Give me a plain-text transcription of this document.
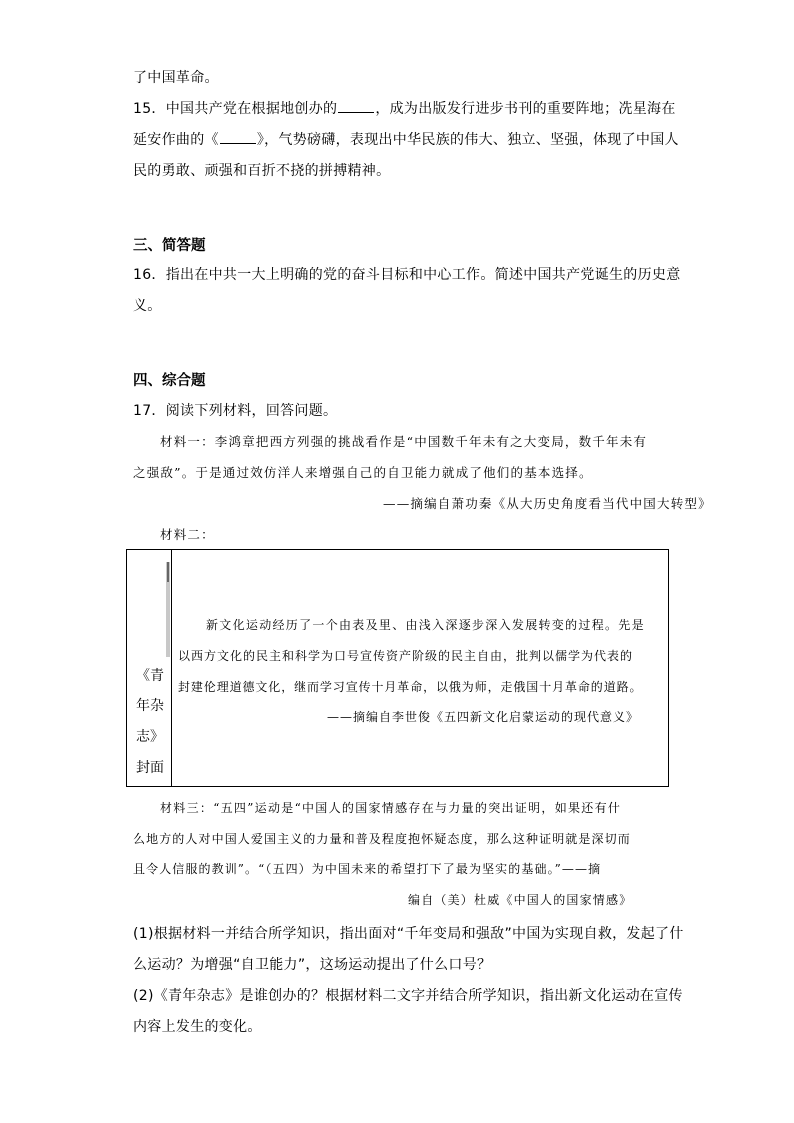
了中国革命。
15．中国共产党在根据地创办的	，成为出版发行进步书刊的重要阵地；冼星海在
延安作曲的《	》，气势磅礴，表现出中华民族的伟大、独立、坚强，体现了中国人
民的勇敢、顽强和百折不挠的拼搏精神。
三、简答题
16．指出在中共一大上明确的党的奋斗目标和中心工作。简述中国共产党诞生的历史意
义。
四、综合题
17．阅读下列材料，回答问题。
材料一：李鸿章把西方列强的挑战看作是“中国数千年未有之大变局，数千年未有
之强敌”。于是通过效仿洋人来增强自己的自卫能力就成了他们的基本选择。
——摘编自萧功秦《从大历史角度看当代中国大转型》
材料二：
《青
年杂
志》
封面
新文化运动经历了一个由表及里、由浅入深逐步深入发展转变的过程。先是
以西方文化的民主和科学为口号宣传资产阶级的民主自由，批判以儒学为代表的
封建伦理道德文化，继而学习宣传十月革命，以俄为师，走俄国十月革命的道路。
——摘编自李世俊《五四新文化启蒙运动的现代意义》
材料三：“五四”运动是“中国人的国家情感存在与力量的突出证明，如果还有什
么地方的人对中国人爱国主义的力量和普及程度抱怀疑态度，那么这种证明就是深切而
且令人信服的教训”。“（五四）为中国未来的希望打下了最为坚实的基础。”——摘
编自（美）杜威《中国人的国家情感》
(1)根据材料一并结合所学知识，指出面对“千年变局和强敌”中国为实现自救，发起了什
么运动？为增强“自卫能力”，这场运动提出了什么口号？
(2)《青年杂志》是谁创办的？根据材料二文字并结合所学知识，指出新文化运动在宣传
内容上发生的变化。
